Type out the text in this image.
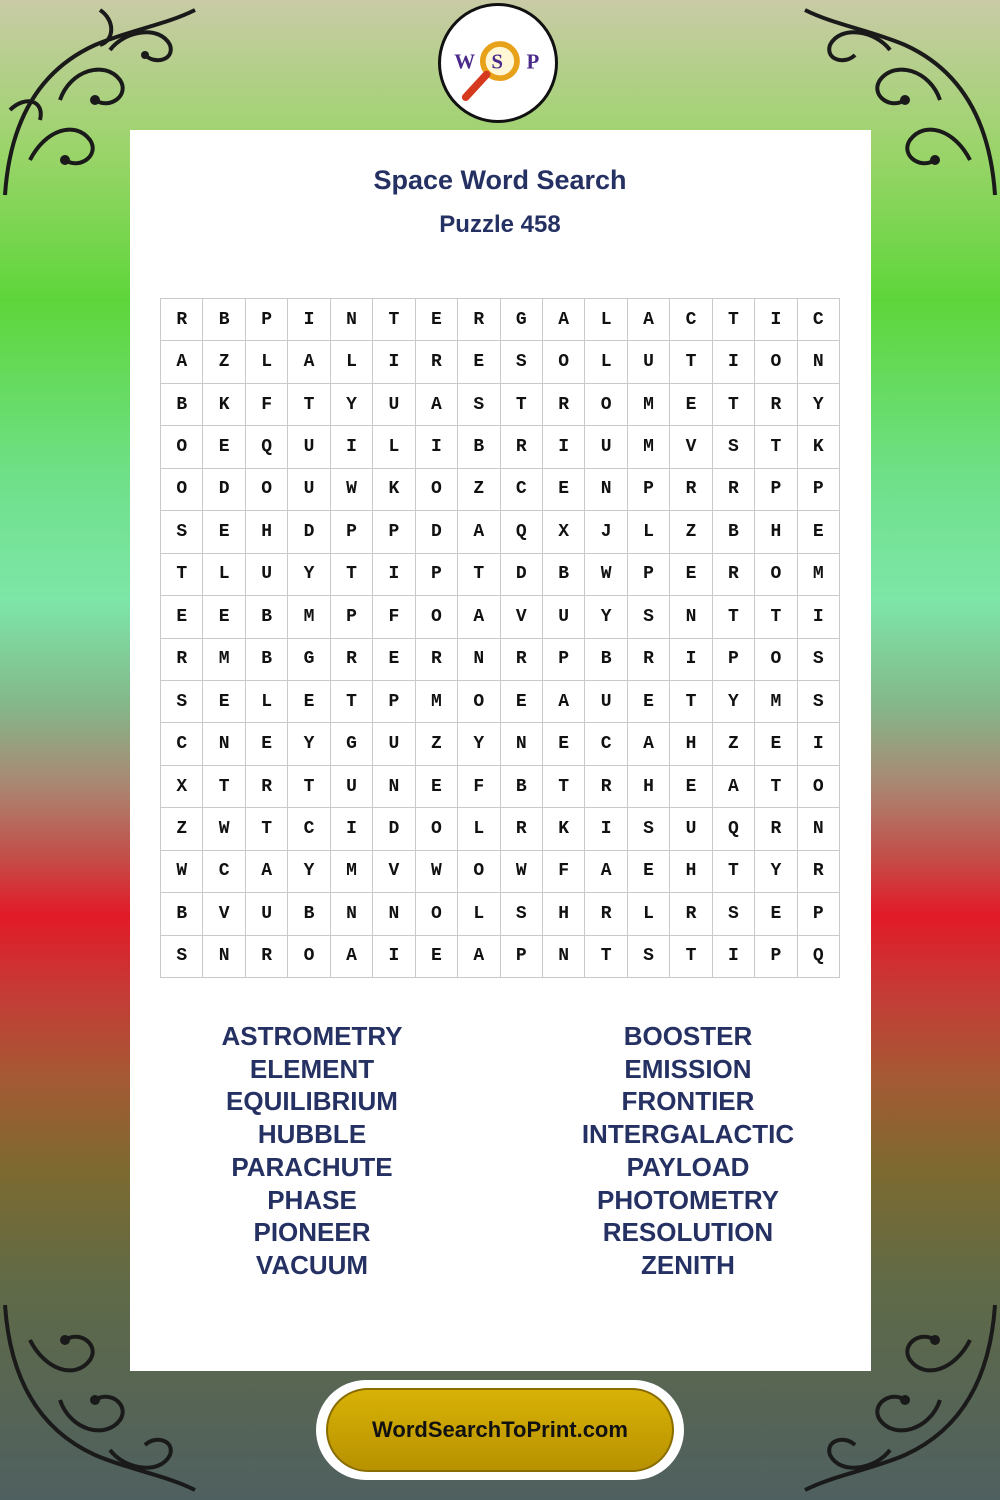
W S P
Space Word Search
Puzzle 458
R	B	P	I	N	T	E	R	G	A	L	A	C	T	I	C
A	Z	L	A	L	I	R	E	S	O	L	U	T	I	O	N
B	K	F	T	Y	U	A	S	T	R	O	M	E	T	R	Y
O	E	Q	U	I	L	I	B	R	I	U	M	V	S	T	K
O	D	O	U	W	K	O	Z	C	E	N	P	R	R	P	P
S	E	H	D	P	P	D	A	Q	X	J	L	Z	B	H	E
T	L	U	Y	T	I	P	T	D	B	W	P	E	R	O	M
E	E	B	M	P	F	O	A	V	U	Y	S	N	T	T	I
R	M	B	G	R	E	R	N	R	P	B	R	I	P	O	S
S	E	L	E	T	P	M	O	E	A	U	E	T	Y	M	S
C	N	E	Y	G	U	Z	Y	N	E	C	A	H	Z	E	I
X	T	R	T	U	N	E	F	B	T	R	H	E	A	T	O
Z	W	T	C	I	D	O	L	R	K	I	S	U	Q	R	N
W	C	A	Y	M	V	W	O	W	F	A	E	H	T	Y	R
B	V	U	B	N	N	O	L	S	H	R	L	R	S	E	P
S	N	R	O	A	I	E	A	P	N	T	S	T	I	P	Q
ASTROMETRY
ELEMENT
EQUILIBRIUM
HUBBLE
PARACHUTE
PHASE
PIONEER
VACUUM
BOOSTER
EMISSION
FRONTIER
INTERGALACTIC
PAYLOAD
PHOTOMETRY
RESOLUTION
ZENITH
WordSearchToPrint.com
